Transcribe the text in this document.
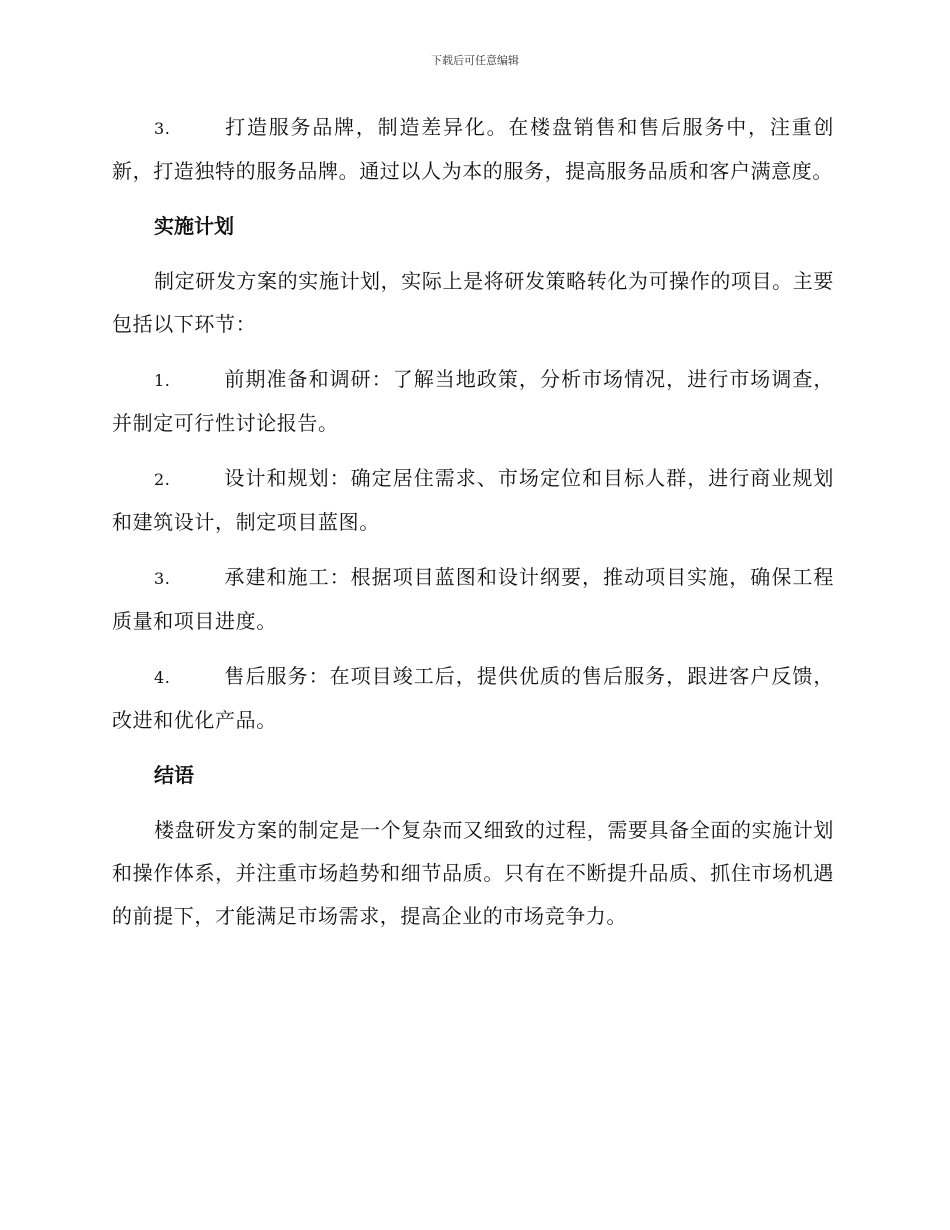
下载后可任意编辑

3.	打造服务品牌，制造差异化。在楼盘销售和售后服务中，注重创新，打造独特的服务品牌。通过以人为本的服务，提高服务品质和客户满意度。

实施计划

制定研发方案的实施计划，实际上是将研发策略转化为可操作的项目。主要包括以下环节：

1.	前期准备和调研：了解当地政策，分析市场情况，进行市场调查，并制定可行性讨论报告。

2.	设计和规划：确定居住需求、市场定位和目标人群，进行商业规划和建筑设计，制定项目蓝图。

3.	承建和施工：根据项目蓝图和设计纲要，推动项目实施，确保工程质量和项目进度。

4.	售后服务：在项目竣工后，提供优质的售后服务，跟进客户反馈，改进和优化产品。

结语

楼盘研发方案的制定是一个复杂而又细致的过程，需要具备全面的实施计划和操作体系，并注重市场趋势和细节品质。只有在不断提升品质、抓住市场机遇的前提下，才能满足市场需求，提高企业的市场竞争力。
